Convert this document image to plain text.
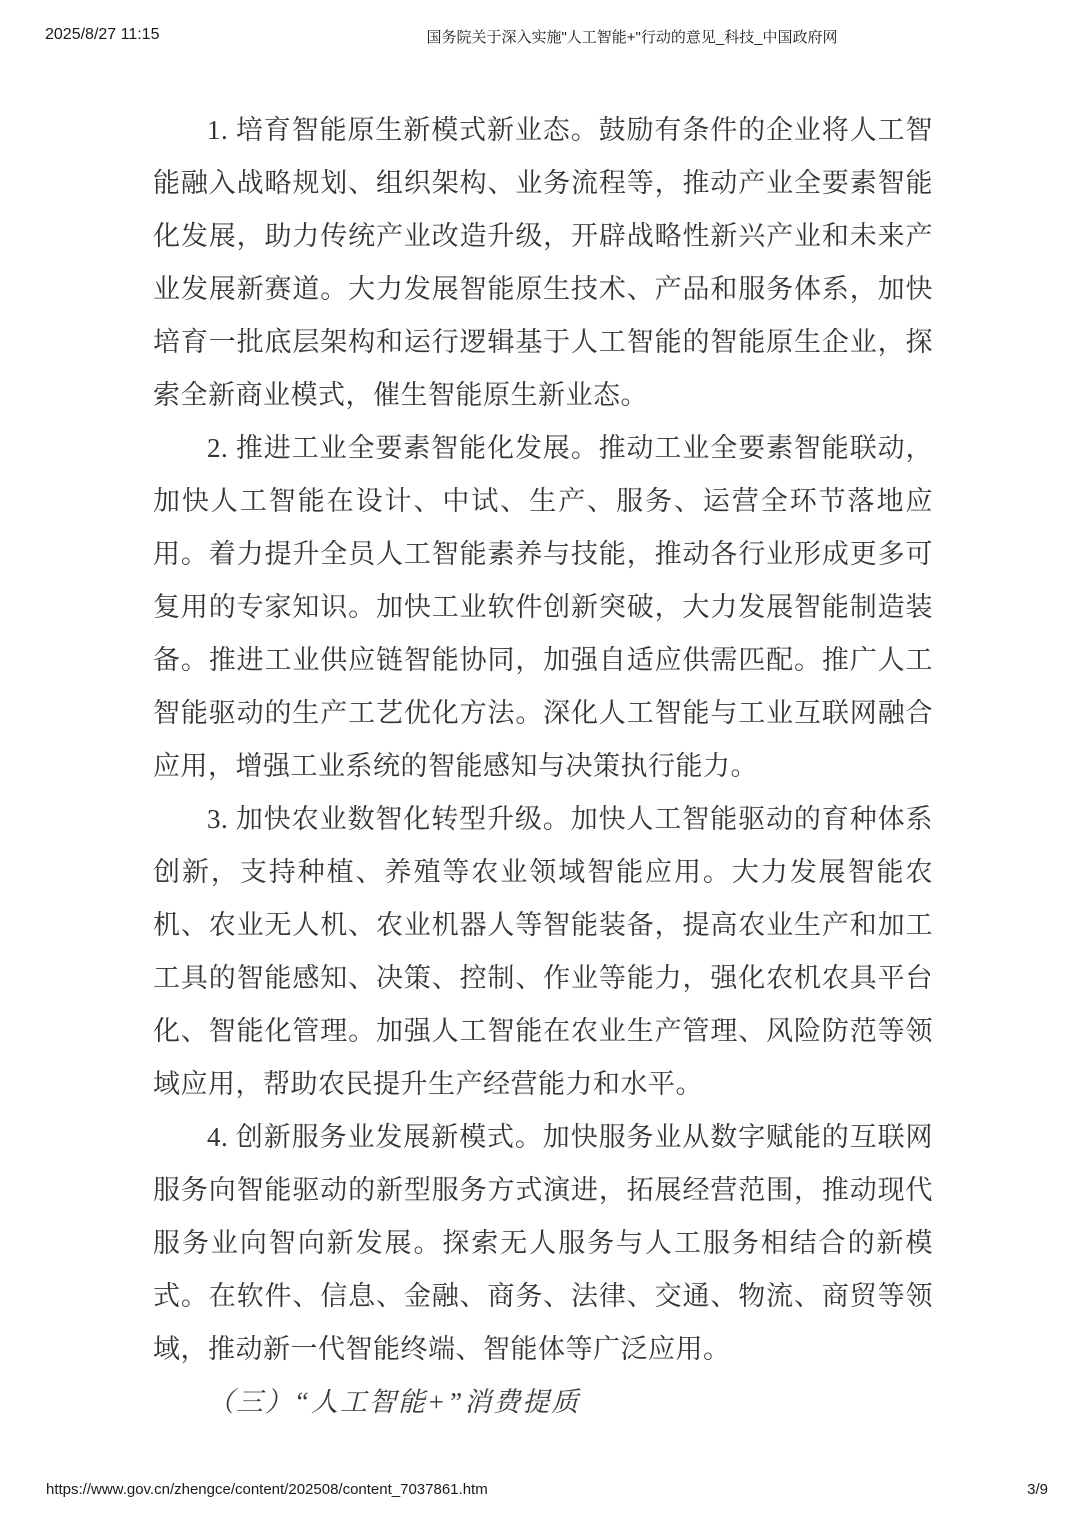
2025/8/27 11:15	国务院关于深入实施"人工智能+"行动的意见_科技_中国政府网

1. 培育智能原生新模式新业态。鼓励有条件的企业将人工智能融入战略规划、组织架构、业务流程等，推动产业全要素智能化发展，助力传统产业改造升级，开辟战略性新兴产业和未来产业发展新赛道。大力发展智能原生技术、产品和服务体系，加快培育一批底层架构和运行逻辑基于人工智能的智能原生企业，探索全新商业模式，催生智能原生新业态。

2. 推进工业全要素智能化发展。推动工业全要素智能联动，加快人工智能在设计、中试、生产、服务、运营全环节落地应用。着力提升全员人工智能素养与技能，推动各行业形成更多可复用的专家知识。加快工业软件创新突破，大力发展智能制造装备。推进工业供应链智能协同，加强自适应供需匹配。推广人工智能驱动的生产工艺优化方法。深化人工智能与工业互联网融合应用，增强工业系统的智能感知与决策执行能力。

3. 加快农业数智化转型升级。加快人工智能驱动的育种体系创新，支持种植、养殖等农业领域智能应用。大力发展智能农机、农业无人机、农业机器人等智能装备，提高农业生产和加工工具的智能感知、决策、控制、作业等能力，强化农机农具平台化、智能化管理。加强人工智能在农业生产管理、风险防范等领域应用，帮助农民提升生产经营能力和水平。

4. 创新服务业发展新模式。加快服务业从数字赋能的互联网服务向智能驱动的新型服务方式演进，拓展经营范围，推动现代服务业向智向新发展。探索无人服务与人工服务相结合的新模式。在软件、信息、金融、商务、法律、交通、物流、商贸等领域，推动新一代智能终端、智能体等广泛应用。

（三）“人工智能+”消费提质

https://www.gov.cn/zhengce/content/202508/content_7037861.htm	3/9
